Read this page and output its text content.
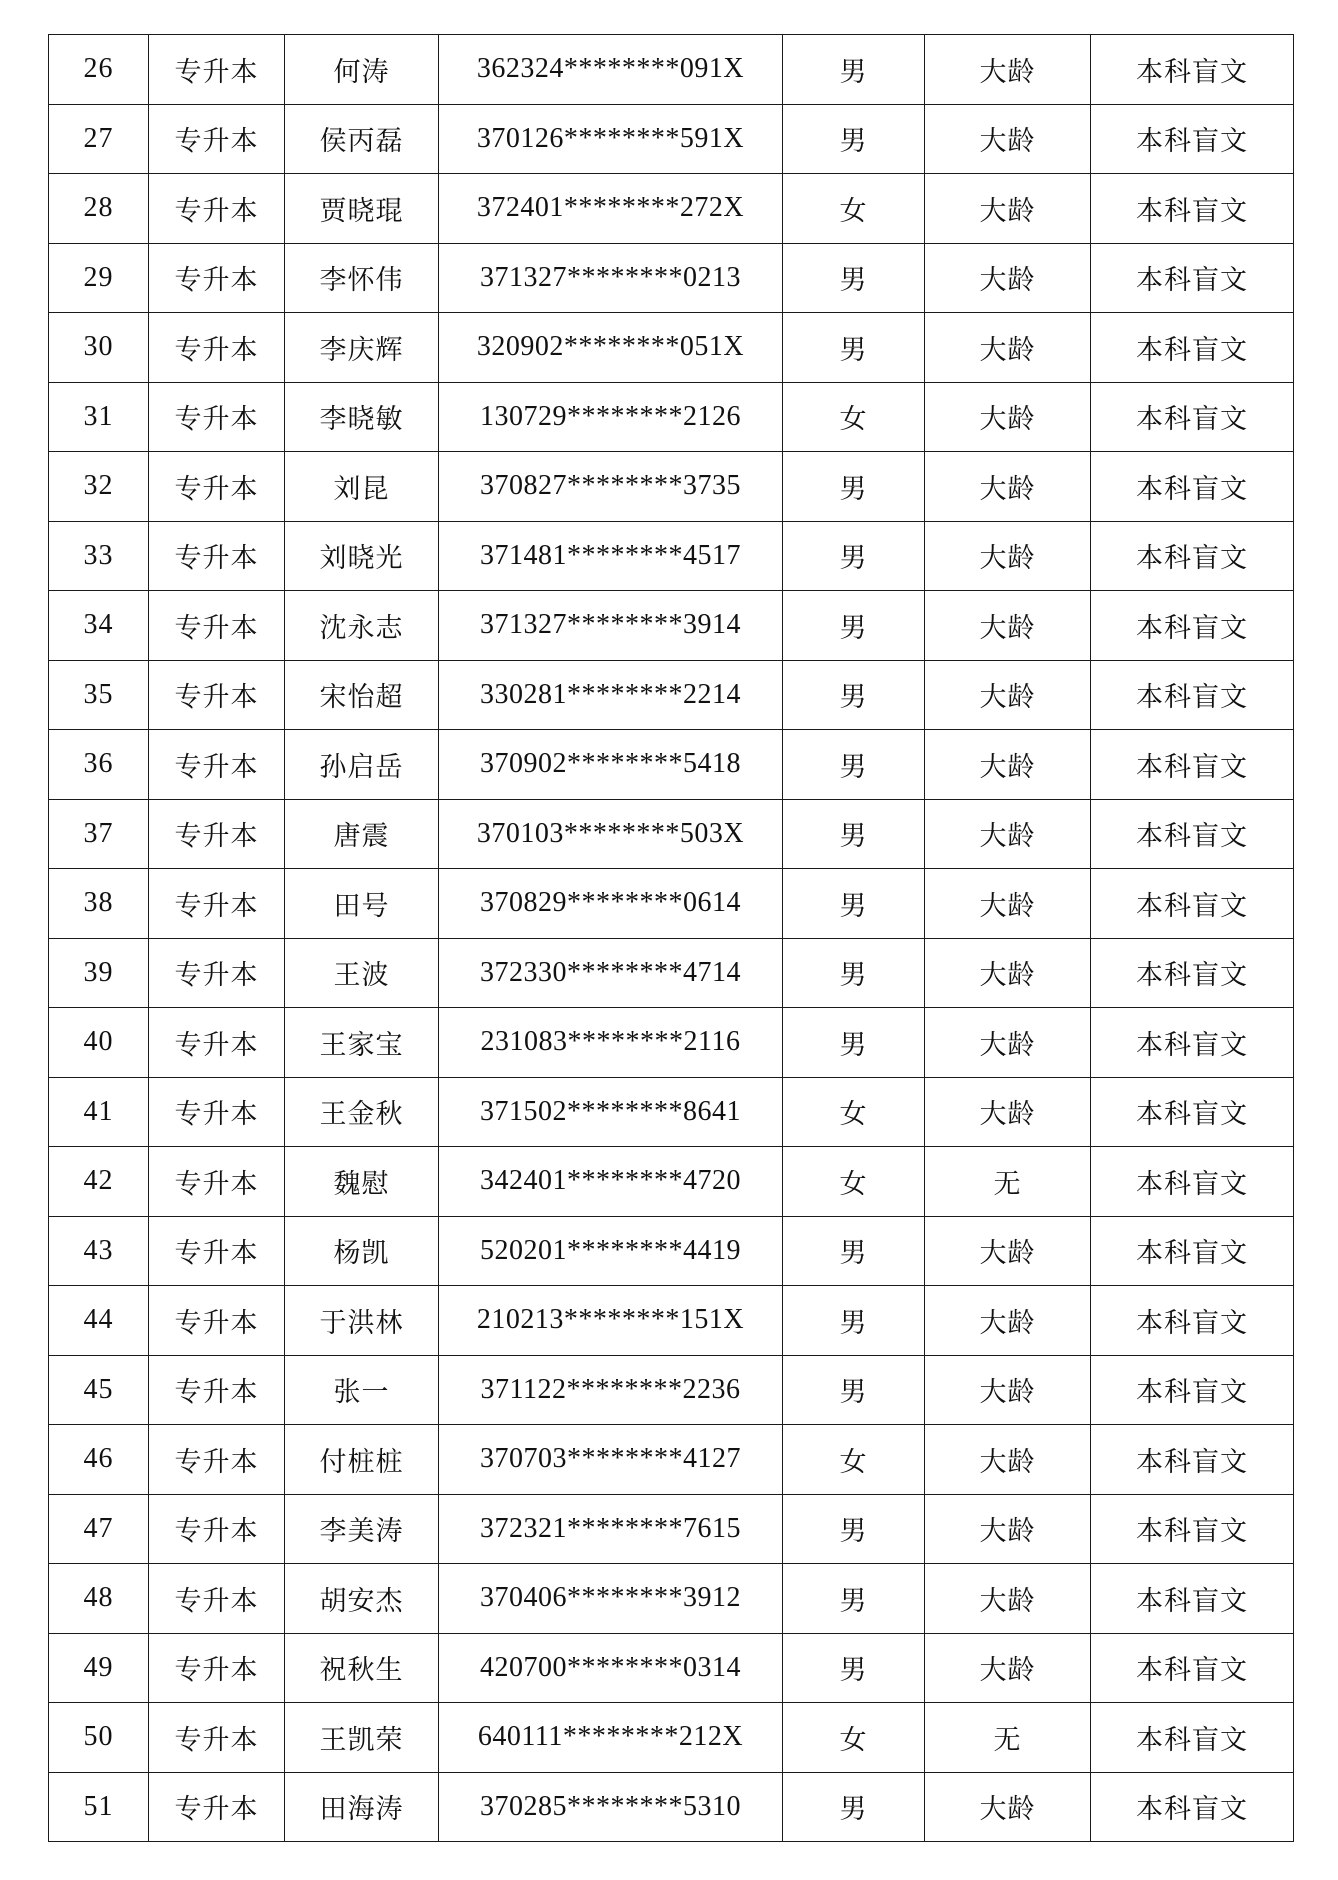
26	专升本	何涛	362324********091X	男	大龄	本科盲文
27	专升本	侯丙磊	370126********591X	男	大龄	本科盲文
28	专升本	贾晓琨	372401********272X	女	大龄	本科盲文
29	专升本	李怀伟	371327********0213	男	大龄	本科盲文
30	专升本	李庆辉	320902********051X	男	大龄	本科盲文
31	专升本	李晓敏	130729********2126	女	大龄	本科盲文
32	专升本	刘昆	370827********3735	男	大龄	本科盲文
33	专升本	刘晓光	371481********4517	男	大龄	本科盲文
34	专升本	沈永志	371327********3914	男	大龄	本科盲文
35	专升本	宋怡超	330281********2214	男	大龄	本科盲文
36	专升本	孙启岳	370902********5418	男	大龄	本科盲文
37	专升本	唐震	370103********503X	男	大龄	本科盲文
38	专升本	田号	370829********0614	男	大龄	本科盲文
39	专升本	王波	372330********4714	男	大龄	本科盲文
40	专升本	王家宝	231083********2116	男	大龄	本科盲文
41	专升本	王金秋	371502********8641	女	大龄	本科盲文
42	专升本	魏慰	342401********4720	女	无	本科盲文
43	专升本	杨凯	520201********4419	男	大龄	本科盲文
44	专升本	于洪林	210213********151X	男	大龄	本科盲文
45	专升本	张一	371122********2236	男	大龄	本科盲文
46	专升本	付桩桩	370703********4127	女	大龄	本科盲文
47	专升本	李美涛	372321********7615	男	大龄	本科盲文
48	专升本	胡安杰	370406********3912	男	大龄	本科盲文
49	专升本	祝秋生	420700********0314	男	大龄	本科盲文
50	专升本	王凯荣	640111********212X	女	无	本科盲文
51	专升本	田海涛	370285********5310	男	大龄	本科盲文
